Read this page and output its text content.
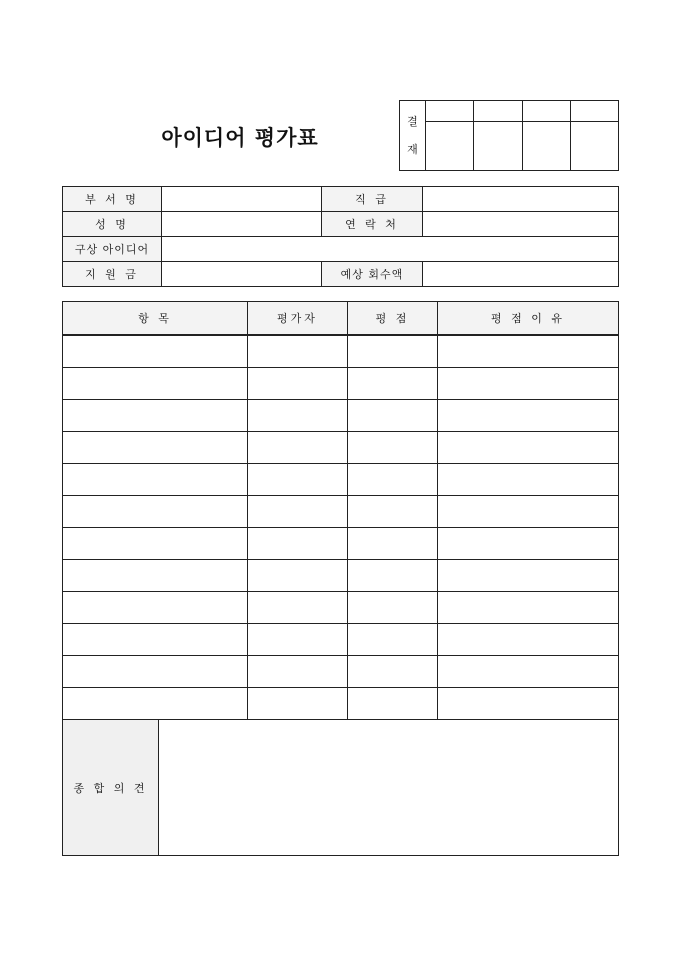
아이디어 평가표
결
재				

부 서 명		직 급	
성 명		연 락 처	
구상 아이디어			
지 원 금		예상 회수액	
항 목		평가자	평 점	평 점 이 유

종 합 의 견				
